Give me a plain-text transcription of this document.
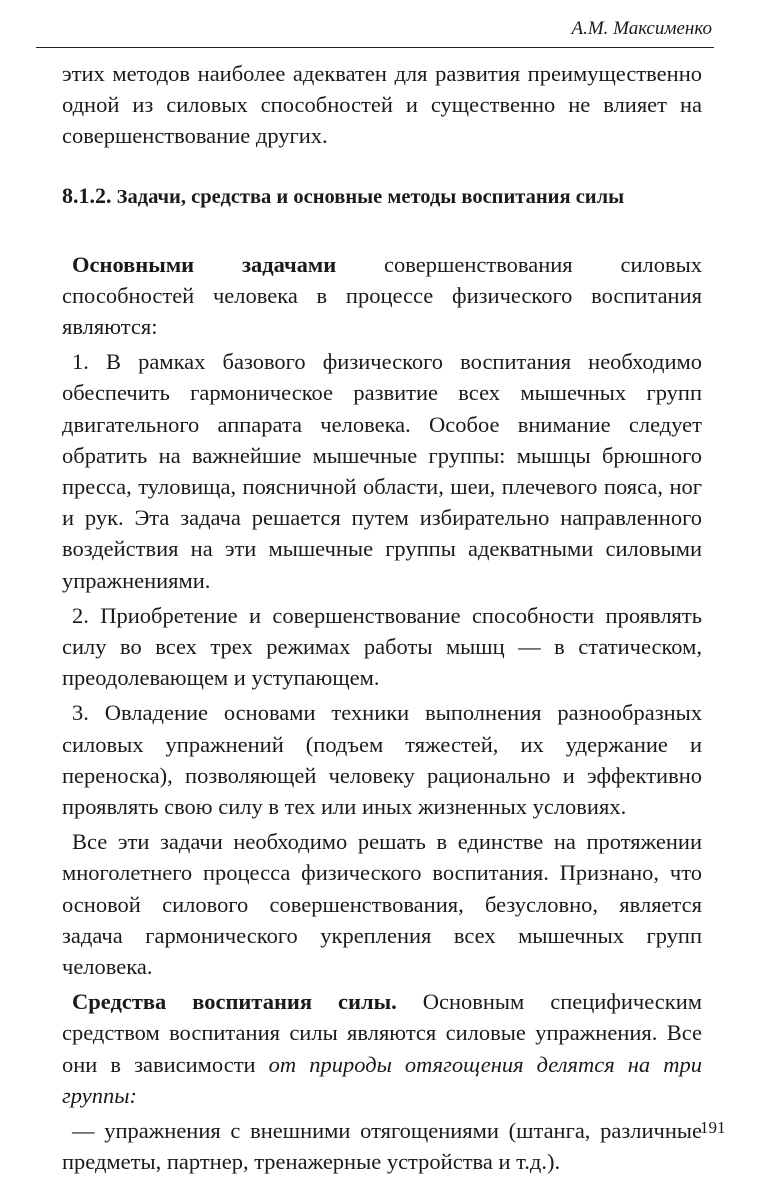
А.М. Максименко

этих методов наиболее адекватен для развития преимущественно одной из силовых способностей и существенно не влияет на совершенствование других.

8.1.2. Задачи, средства и основные методы воспитания силы

Основными задачами совершенствования силовых способностей человека в процессе физического воспитания являются:

1. В рамках базового физического воспитания необходимо обеспечить гармоническое развитие всех мышечных групп двигательного аппарата человека. Особое внимание следует обратить на важнейшие мышечные группы: мышцы брюшного пресса, туловища, поясничной области, шеи, плечевого пояса, ног и рук. Эта задача решается путем избирательно направленного воздействия на эти мышечные группы адекватными силовыми упражнениями.

2. Приобретение и совершенствование способности проявлять силу во всех трех режимах работы мышц — в статическом, преодолевающем и уступающем.

3. Овладение основами техники выполнения разнообразных силовых упражнений (подъем тяжестей, их удержание и переноска), позволяющей человеку рационально и эффективно проявлять свою силу в тех или иных жизненных условиях.

Все эти задачи необходимо решать в единстве на протяжении многолетнего процесса физического воспитания. Признано, что основой силового совершенствования, безусловно, является задача гармонического укрепления всех мышечных групп человека.

Средства воспитания силы. Основным специфическим средством воспитания силы являются силовые упражнения. Все они в зависимости от природы отягощения делятся на три группы:

— упражнения с внешними отягощениями (штанга, различные предметы, партнер, тренажерные устройства и т.д.).

191
